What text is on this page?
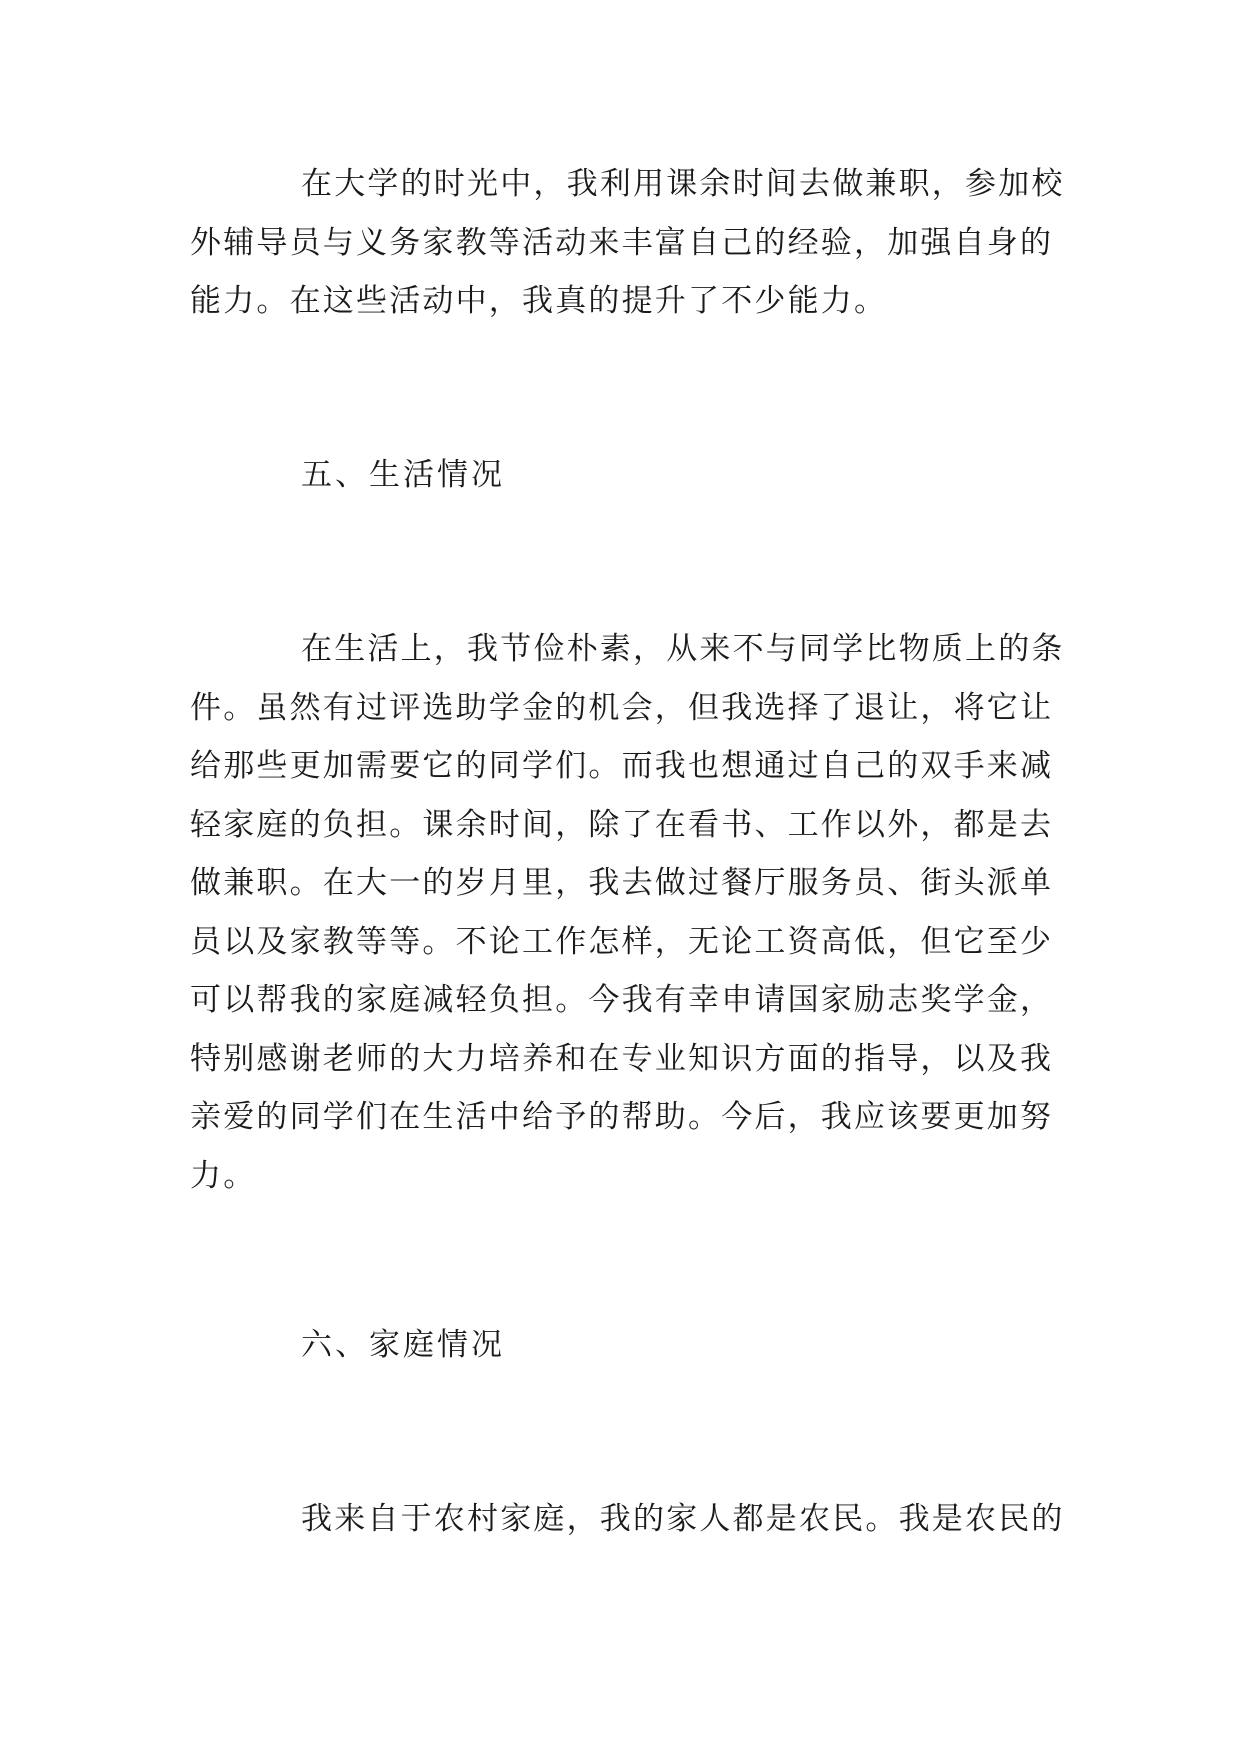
在大学的时光中，我利用课余时间去做兼职，参加校
外辅导员与义务家教等活动来丰富自己的经验，加强自身的
能力。在这些活动中，我真的提升了不少能力。
五、生活情况
在生活上，我节俭朴素，从来不与同学比物质上的条
件。虽然有过评选助学金的机会，但我选择了退让，将它让
给那些更加需要它的同学们。而我也想通过自己的双手来减
轻家庭的负担。课余时间，除了在看书、工作以外，都是去
做兼职。在大一的岁月里，我去做过餐厅服务员、街头派单
员以及家教等等。不论工作怎样，无论工资高低，但它至少
可以帮我的家庭减轻负担。今我有幸申请国家励志奖学金，
特别感谢老师的大力培养和在专业知识方面的指导，以及我
亲爱的同学们在生活中给予的帮助。今后，我应该要更加努
力。
六、家庭情况
我来自于农村家庭，我的家人都是农民。我是农民的
